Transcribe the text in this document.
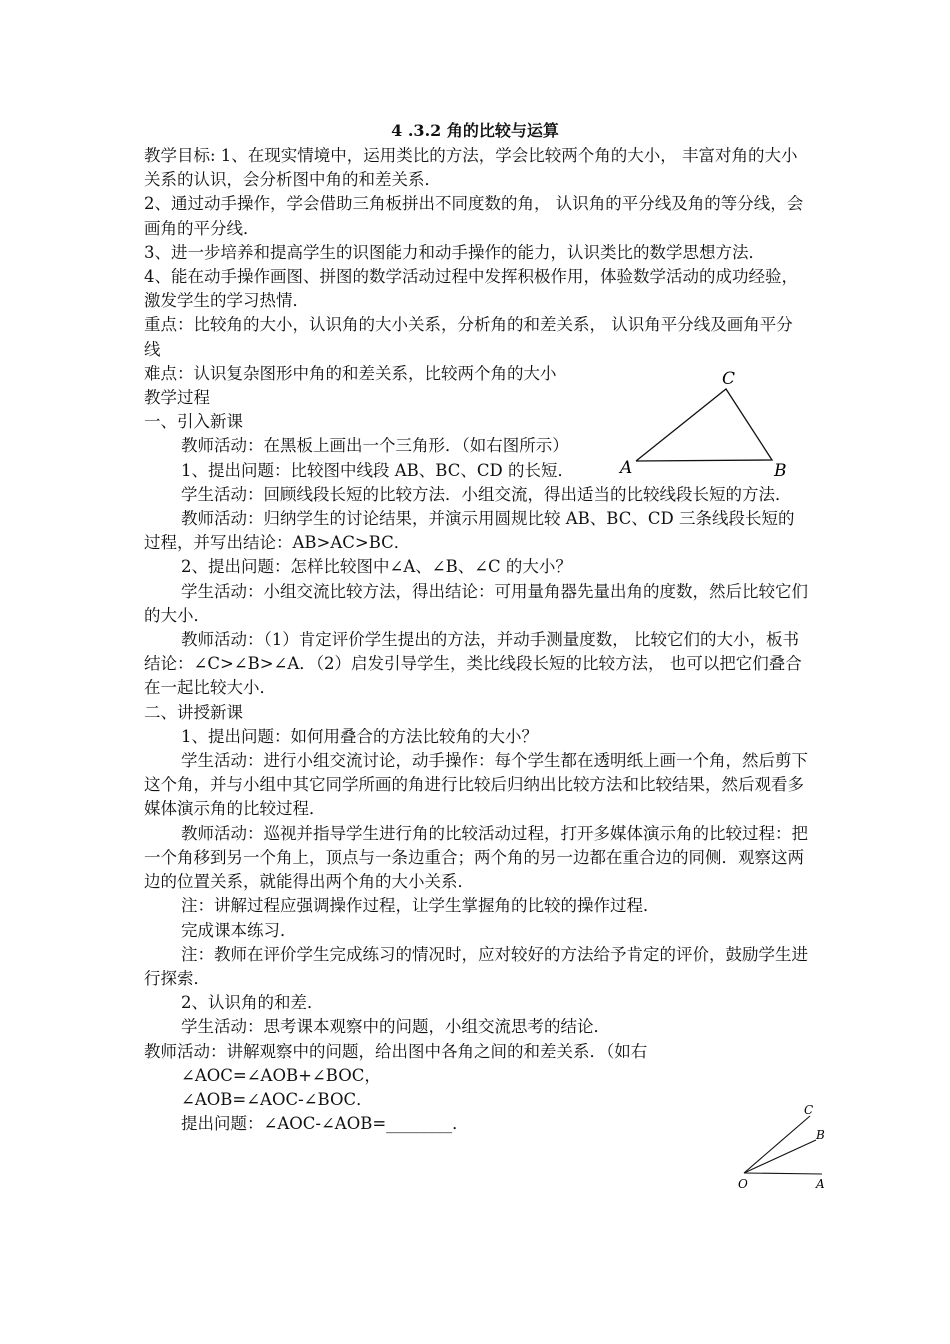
4 .3.2 角的比较与运算

教学目标: 1、在现实情境中，运用类比的方法，学会比较两个角的大小， 丰富对角的大小关系的认识，会分析图中角的和差关系．

2、通过动手操作，学会借助三角板拼出不同度数的角， 认识角的平分线及角的等分线，会画角的平分线．

3、进一步培养和提高学生的识图能力和动手操作的能力，认识类比的数学思想方法．

4、能在动手操作画图、拼图的数学活动过程中发挥积极作用，体验数学活动的成功经验，激发学生的学习热情．

重点：比较角的大小，认识角的大小关系，分析角的和差关系， 认识角平分线及画角平分线

难点：认识复杂图形中角的和差关系，比较两个角的大小

教学过程

一、引入新课

教师活动：在黑板上画出一个三角形．（如右图所示）

1、提出问题：比较图中线段 AB、BC、CD 的长短．

学生活动：回顾线段长短的比较方法．小组交流，得出适当的比较线段长短的方法．

教师活动：归纳学生的讨论结果，并演示用圆规比较 AB、BC、CD 三条线段长短的过程，并写出结论：AB>AC>BC．

2、提出问题：怎样比较图中∠A、∠B、∠C 的大小？

学生活动：小组交流比较方法，得出结论：可用量角器先量出角的度数，然后比较它们的大小．

教师活动：（1）肯定评价学生提出的方法，并动手测量度数， 比较它们的大小，板书结论：∠C>∠B>∠A．（2）启发引导学生，类比线段长短的比较方法， 也可以把它们叠合在一起比较大小．

二、讲授新课

1、提出问题：如何用叠合的方法比较角的大小？

学生活动：进行小组交流讨论，动手操作：每个学生都在透明纸上画一个角，然后剪下这个角，并与小组中其它同学所画的角进行比较后归纳出比较方法和比较结果，然后观看多媒体演示角的比较过程．

教师活动：巡视并指导学生进行角的比较活动过程，打开多媒体演示角的比较过程：把一个角移到另一个角上，顶点与一条边重合；两个角的另一边都在重合边的同侧．观察这两边的位置关系，就能得出两个角的大小关系．

注：讲解过程应强调操作过程，让学生掌握角的比较的操作过程．

完成课本练习．

注：教师在评价学生完成练习的情况时，应对较好的方法给予肯定的评价，鼓励学生进行探索．

2、认识角的和差．

学生活动：思考课本观察中的问题，小组交流思考的结论．

教师活动：讲解观察中的问题，给出图中各角之间的和差关系．（如右

∠AOC=∠AOB+∠BOC，

∠AOB=∠AOC-∠BOC．

提出问题：∠AOC-∠AOB=________．

C
A	B
C
B
O	A
